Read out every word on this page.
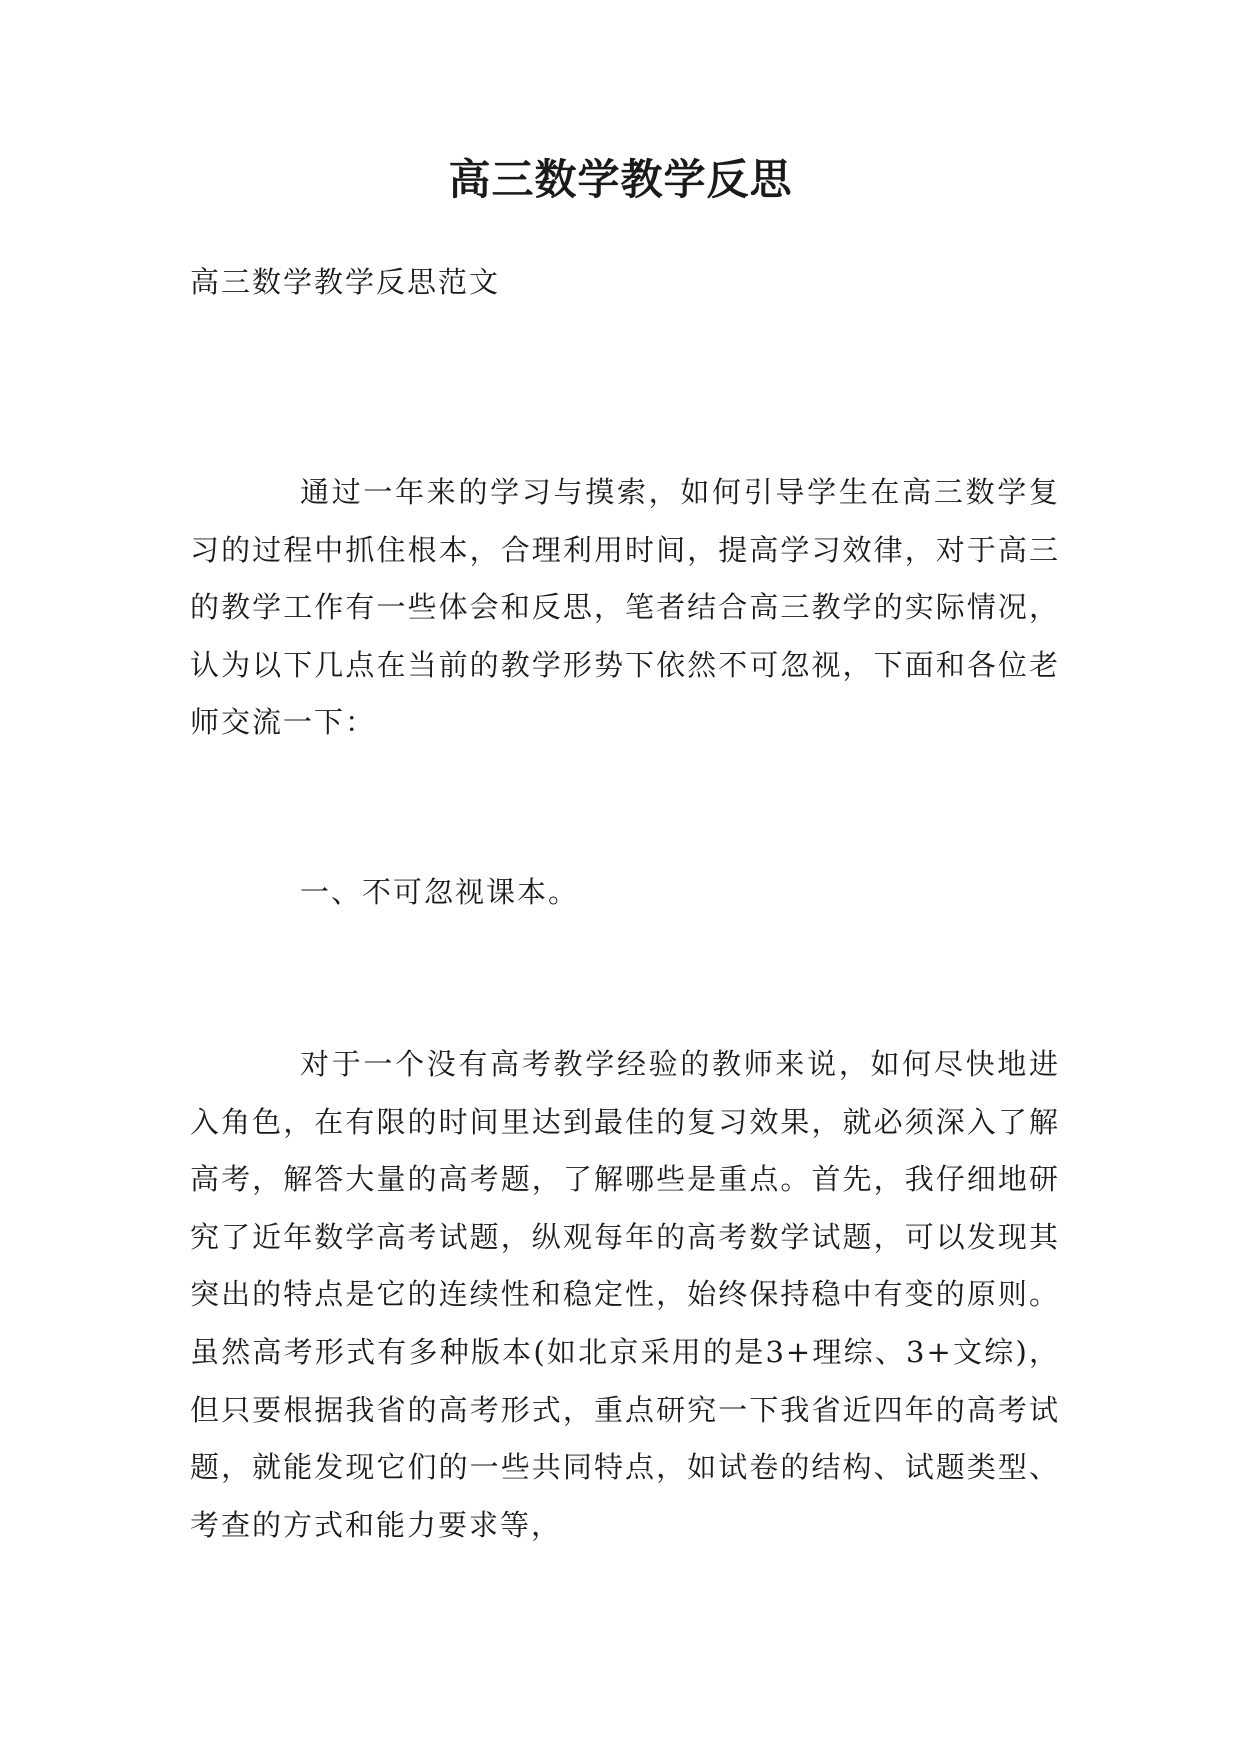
高三数学教学反思

高三数学教学反思范文

通过一年来的学习与摸索，如何引导学生在高三数学复习的过程中抓住根本，合理利用时间，提高学习效律，对于高三的教学工作有一些体会和反思，笔者结合高三教学的实际情况，认为以下几点在当前的教学形势下依然不可忽视，下面和各位老师交流一下：

一、不可忽视课本。

对于一个没有高考教学经验的教师来说，如何尽快地进入角色，在有限的时间里达到最佳的复习效果，就必须深入了解高考，解答大量的高考题，了解哪些是重点。首先，我仔细地研究了近年数学高考试题，纵观每年的高考数学试题，可以发现其突出的特点是它的连续性和稳定性，始终保持稳中有变的原则。虽然高考形式有多种版本(如北京采用的是3+理综、3+文综)，但只要根据我省的高考形式，重点研究一下我省近四年的高考试题，就能发现它们的一些共同特点，如试卷的结构、试题类型、考查的方式和能力要求等，
